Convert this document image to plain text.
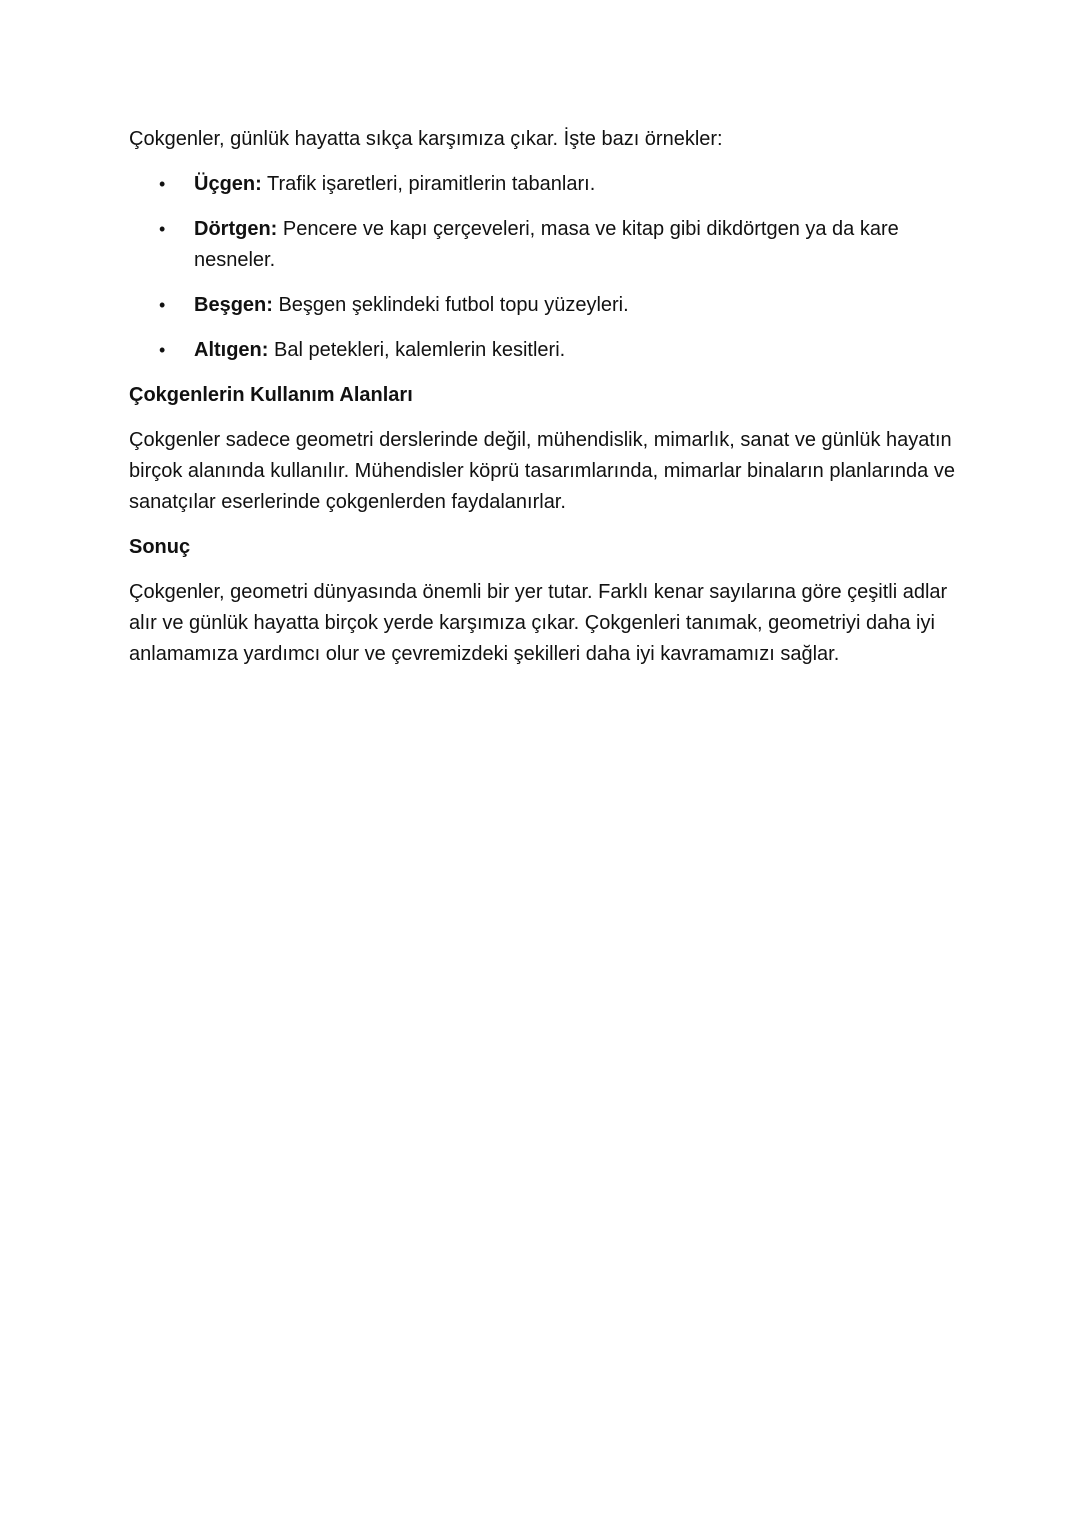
Çokgenler, günlük hayatta sıkça karşımıza çıkar. İşte bazı örnekler:

• Üçgen: Trafik işaretleri, piramitlerin tabanları.
• Dörtgen: Pencere ve kapı çerçeveleri, masa ve kitap gibi dikdörtgen ya da kare nesneler.
• Beşgen: Beşgen şeklindeki futbol topu yüzeyleri.
• Altıgen: Bal petekleri, kalemlerin kesitleri.

Çokgenlerin Kullanım Alanları

Çokgenler sadece geometri derslerinde değil, mühendislik, mimarlık, sanat ve günlük hayatın birçok alanında kullanılır. Mühendisler köprü tasarımlarında, mimarlar binaların planlarında ve sanatçılar eserlerinde çokgenlerden faydalanırlar.

Sonuç

Çokgenler, geometri dünyasında önemli bir yer tutar. Farklı kenar sayılarına göre çeşitli adlar alır ve günlük hayatta birçok yerde karşımıza çıkar. Çokgenleri tanımak, geometriyi daha iyi anlamamıza yardımcı olur ve çevremizdeki şekilleri daha iyi kavramamızı sağlar.
